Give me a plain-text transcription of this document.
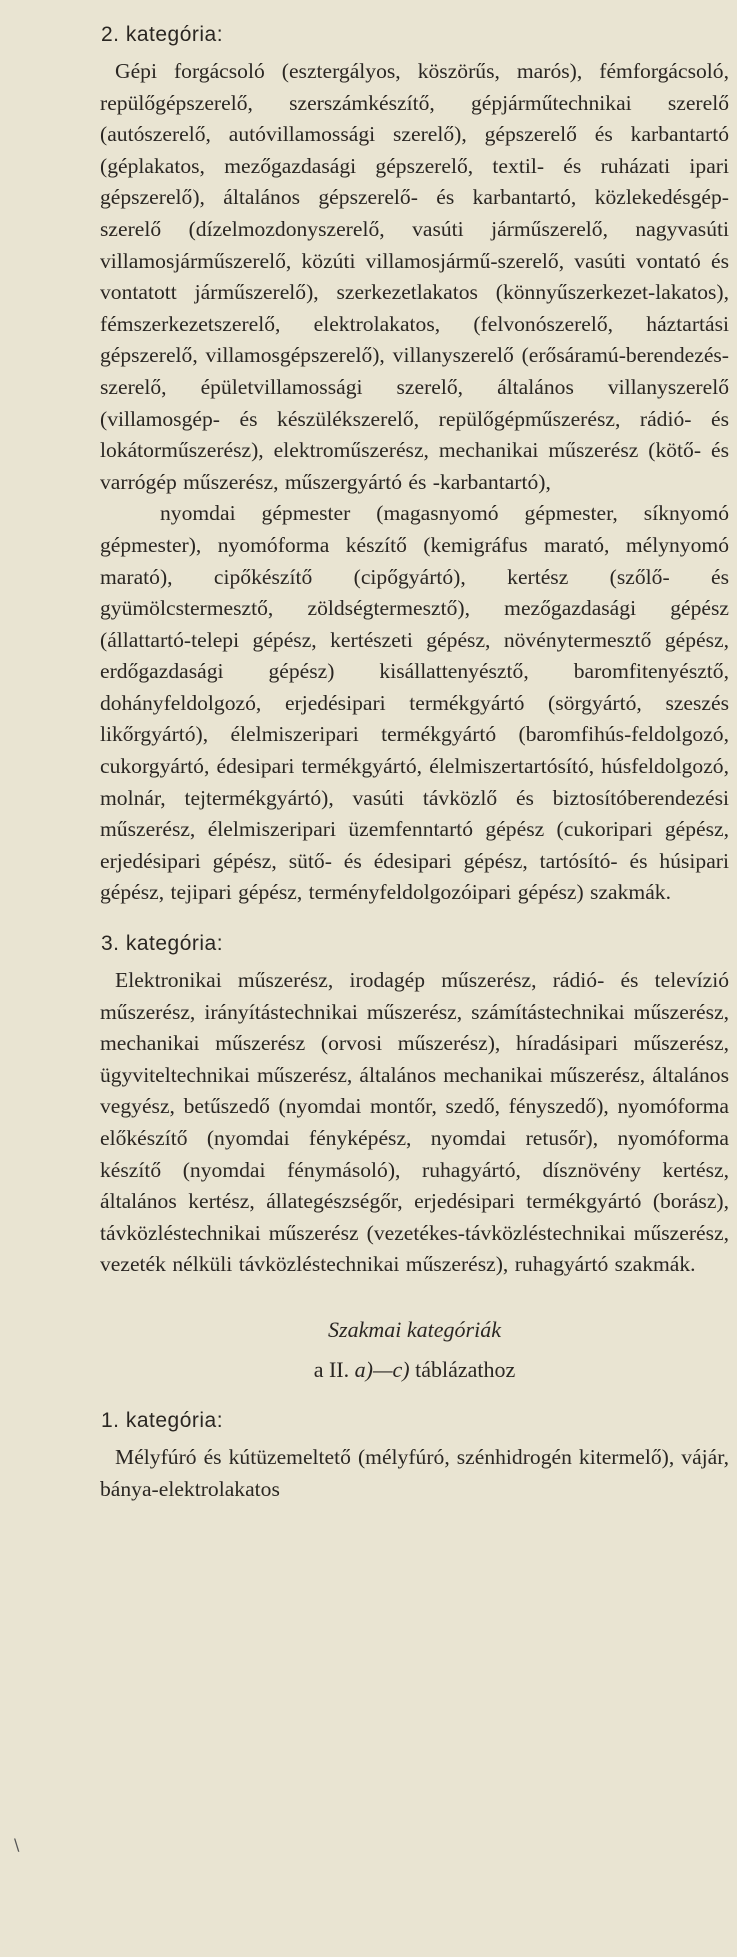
2. kategória:

Gépi forgácsoló (esztergályos, köszörűs, marós), fémforgácsoló, repülőgépszerelő, szerszámkészítő, gépjárműtechnikai szerelő (autószerelő, autóvillamossági szerelő), gépszerelő és karbantartó (géplakatos, mezőgazdasági gépszerelő, textil- és ruházati ipari gépszerelő), általános gépszerelő- és karbantartó, közlekedésgép-szerelő (dízelmozdonyszerelő, vasúti járműszerelő, nagyvasúti villamosjárműszerelő, közúti villamosjármű-szerelő, vasúti vontató és vontatott járműszerelő), szerkezetlakatos (könnyűszerkezet-lakatos), fémszerkezetszerelő, elektrolakatos, (felvonószerelő, háztartási gépszerelő, villamosgépszerelő), villanyszerelő (erősáramú-berendezés-szerelő, épületvillamossági szerelő, általános villanyszerelő (villamosgép- és készülékszerelő, repülőgépműszerész, rádió- és lokátorműszerész), elektroműszerész, mechanikai műszerész (kötő- és varrógép műszerész, műszergyártó és -karbantartó),

nyomdai gépmester (magasnyomó gépmester, síknyomó gépmester), nyomóforma készítő (kemigráfus marató, mélynyomó marató), cipőkészítő (cipőgyártó), kertész (szőlő- és gyümölcstermesztő, zöldségtermesztő), mezőgazdasági gépész (állattartó-telepi gépész, kertészeti gépész, növénytermesztő gépész, erdőgazdasági gépész) kisállattenyésztő, baromfitenyésztő, dohányfeldolgozó, erjedésipari termékgyártó (sörgyártó, szeszés likőrgyártó), élelmiszeripari termékgyártó (baromfihús-feldolgozó, cukorgyártó, édesipari termékgyártó, élelmiszertartósító, húsfeldolgozó, molnár, tejtermékgyártó), vasúti távközlő és biztosítóberendezési műszerész, élelmiszeripari üzemfenntartó gépész (cukoripari gépész, erjedésipari gépész, sütő- és édesipari gépész, tartósító- és húsipari gépész, tejipari gépész, terményfeldolgozóipari gépész) szakmák.

3. kategória:

Elektronikai műszerész, irodagép műszerész, rádió- és televízió műszerész, irányítástechnikai műszerész, számítástechnikai műszerész, mechanikai műszerész (orvosi műszerész), híradásipari műszerész, ügyviteltechnikai műszerész, általános mechanikai műszerész, általános vegyész, betűszedő (nyomdai montőr, szedő, fényszedő), nyomóforma előkészítő (nyomdai fényképész, nyomdai retusőr), nyomóforma készítő (nyomdai fénymásoló), ruhagyártó, dísznövény kertész, általános kertész, állategészségőr, erjedésipari termékgyártó (borász), távközléstechnikai műszerész (vezetékes-távközléstechnikai műszerész, vezeték nélküli távközléstechnikai műszerész), ruhagyártó szakmák.

Szakmai kategóriák
a II. a)—c) táblázathoz
1. kategória:

Mélyfúró és kútüzemeltető (mélyfúró, szénhidrogén kitermelő), vájár, bánya-elektrolakatos

\
